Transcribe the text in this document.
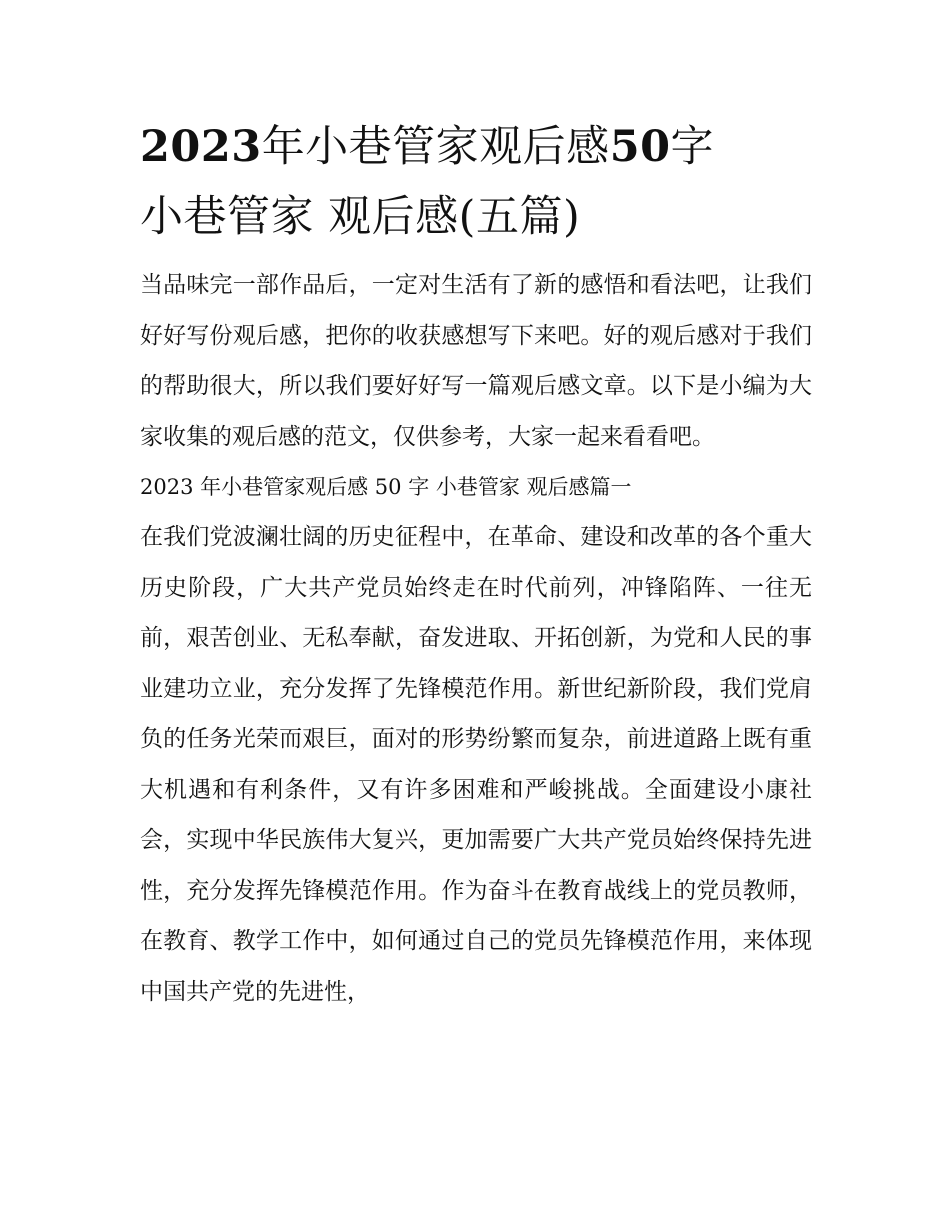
2023年小巷管家观后感50字
小巷管家 观后感(五篇)

当品味完一部作品后，一定对生活有了新的感悟和看法吧，让我们好好写份观后感，把你的收获感想写下来吧。好的观后感对于我们的帮助很大，所以我们要好好写一篇观后感文章。以下是小编为大家收集的观后感的范文，仅供参考，大家一起来看看吧。

2023 年小巷管家观后感 50 字 小巷管家 观后感篇一

在我们党波澜壮阔的历史征程中，在革命、建设和改革的各个重大历史阶段，广大共产党员始终走在时代前列，冲锋陷阵、一往无前，艰苦创业、无私奉献，奋发进取、开拓创新，为党和人民的事业建功立业，充分发挥了先锋模范作用。新世纪新阶段，我们党肩负的任务光荣而艰巨，面对的形势纷繁而复杂，前进道路上既有重大机遇和有利条件，又有许多困难和严峻挑战。全面建设小康社会，实现中华民族伟大复兴，更加需要广大共产党员始终保持先进性，充分发挥先锋模范作用。作为奋斗在教育战线上的党员教师，在教育、教学工作中，如何通过自己的党员先锋模范作用，来体现中国共产党的先进性，
